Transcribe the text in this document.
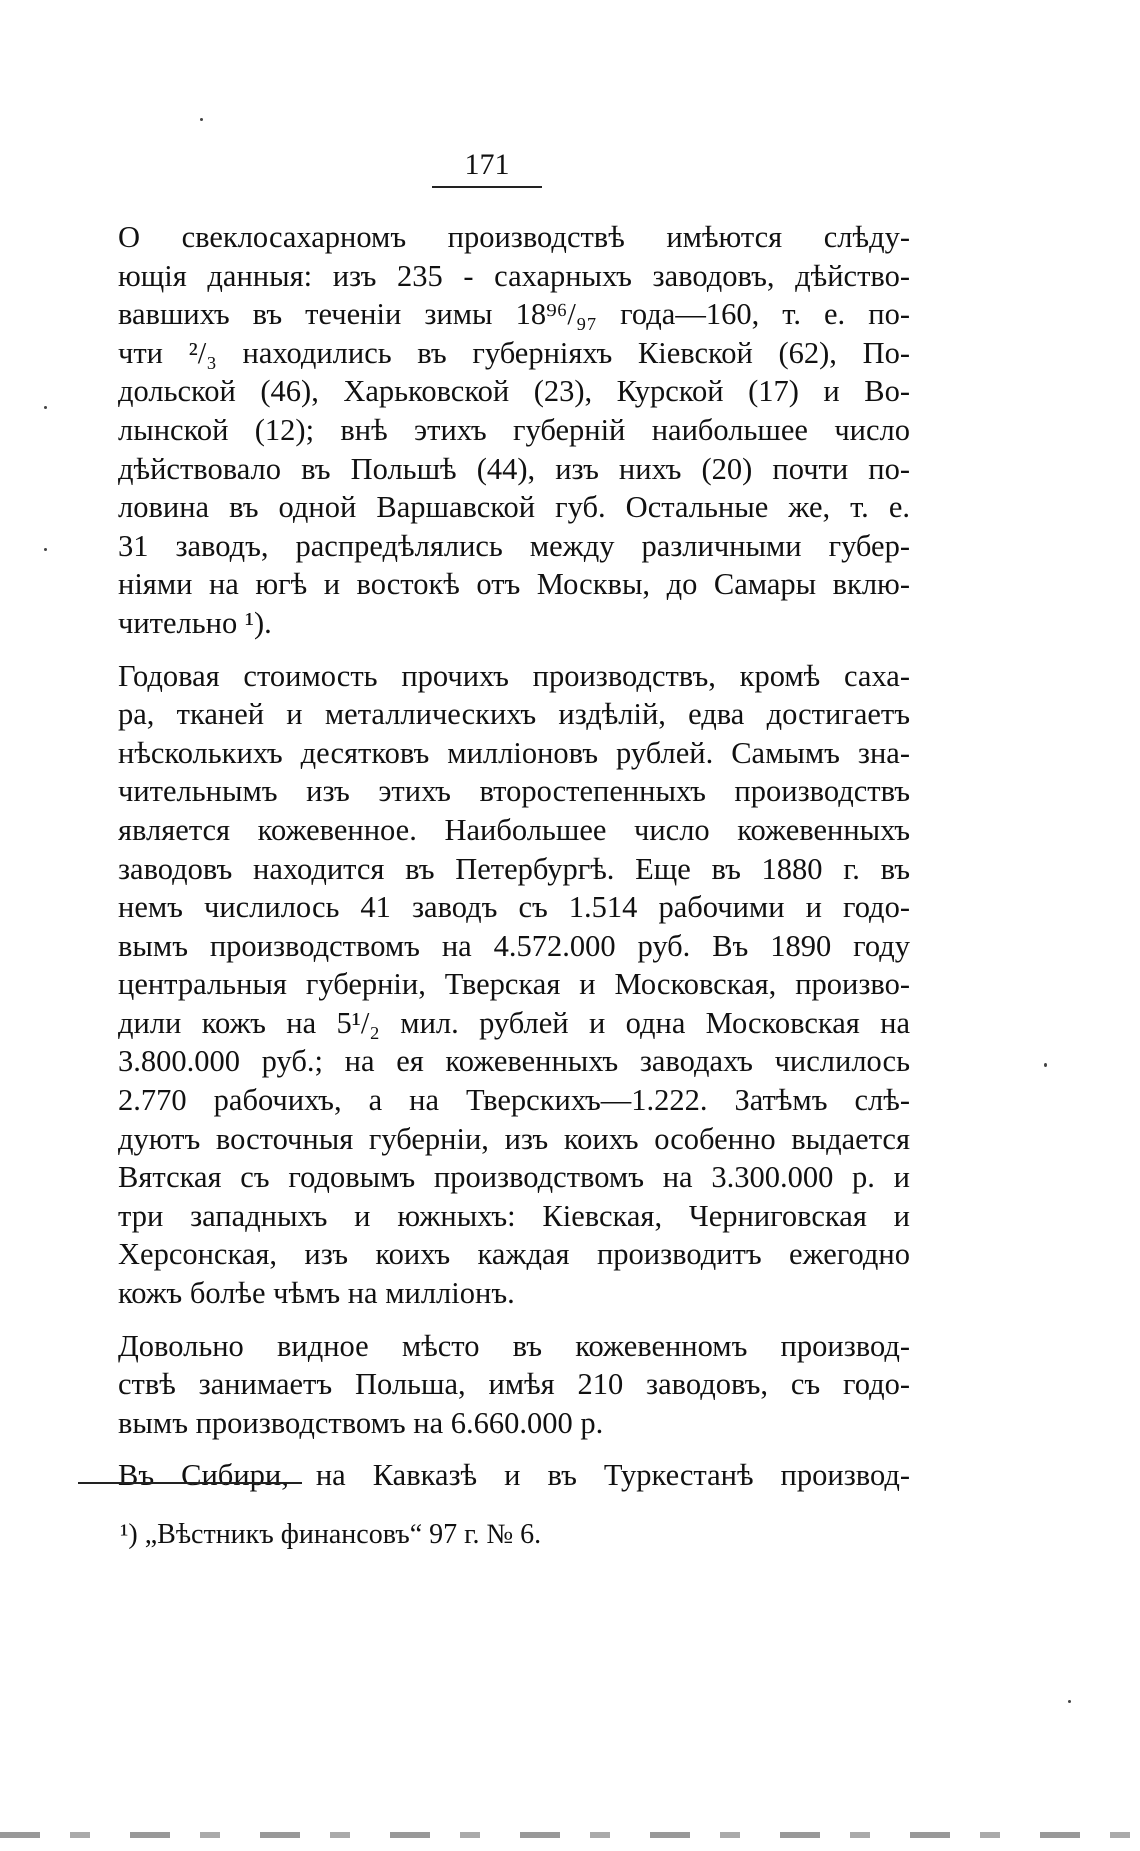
171
О свеклосахарномъ производствѣ имѣются слѣду-
ющія данныя: изъ 235 - сахарныхъ заводовъ, дѣйство-
вавшихъ въ теченіи зимы 18⁹⁶/₉₇ года—160, т. е. по-
чти ²/₃ находились въ губерніяхъ Кіевской (62), По-
дольской (46), Харьковской (23), Курской (17) и Во-
лынской (12); внѣ этихъ губерній наибольшее число
дѣйствовало въ Польшѣ (44), изъ нихъ (20) почти по-
ловина въ одной Варшавской губ. Остальные же, т. е.
31 заводъ, распредѣлялись между различными губер-
ніями на югѣ и востокѣ отъ Москвы, до Самары вклю-
чительно ¹).
Годовая стоимость прочихъ производствъ, кромѣ саха-
ра, тканей и металлическихъ издѣлій, едва достигаетъ
нѣсколькихъ десятковъ милліоновъ рублей. Самымъ зна-
чительнымъ изъ этихъ второстепенныхъ производствъ
является кожевенное. Наибольшее число кожевенныхъ
заводовъ находится въ Петербургѣ. Еще въ 1880 г. въ
немъ числилось 41 заводъ съ 1.514 рабочими и годо-
вымъ производствомъ на 4.572.000 руб. Въ 1890 году
центральныя губерніи, Тверская и Московская, произво-
дили кожъ на 5¹/₂ мил. рублей и одна Московская на
3.800.000 руб.; на ея кожевенныхъ заводахъ числилось
2.770 рабочихъ, а на Тверскихъ—1.222. Затѣмъ слѣ-
дуютъ восточныя губерніи, изъ коихъ особенно выдается
Вятская съ годовымъ производствомъ на 3.300.000 р. и
три западныхъ и южныхъ: Кіевская, Черниговская и
Херсонская, изъ коихъ каждая производитъ ежегодно
кожъ болѣе чѣмъ на милліонъ.
Довольно видное мѣсто въ кожевенномъ производ-
ствѣ занимаетъ Польша, имѣя 210 заводовъ, съ годо-
вымъ производствомъ на 6.660.000 р.
Въ Сибири, на Кавказѣ и въ Туркестанѣ производ-
¹) „Вѣстникъ финансовъ“ 97 г. № 6.
